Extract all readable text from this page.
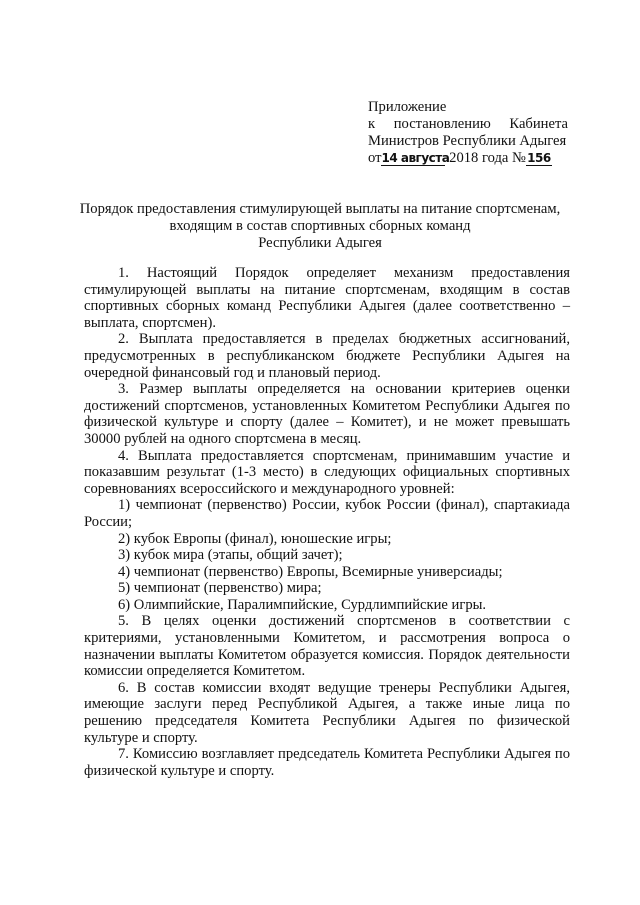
Приложение
к постановлению Кабинета
Министров Республики Адыгея
от14 августа 2018 года №156
Порядок предоставления стимулирующей выплаты на питание спортсменам,
входящим в состав спортивных сборных команд
Республики Адыгея

1. Настоящий Порядок определяет механизм предоставления стимулирующей выплаты на питание спортсменам, входящим в состав спортивных сборных команд Республики Адыгея (далее соответственно – выплата, спортсмен).

2. Выплата предоставляется в пределах бюджетных ассигнований, предусмотренных в республиканском бюджете Республики Адыгея на очередной финансовый год и плановый период.

3. Размер выплаты определяется на основании критериев оценки достижений спортсменов, установленных Комитетом Республики Адыгея по физической культуре и спорту (далее – Комитет), и не может превышать 30000 рублей на одного спортсмена в месяц.

4. Выплата предоставляется спортсменам, принимавшим участие и показавшим результат (1-3 место) в следующих официальных спортивных соревнованиях всероссийского и международного уровней:

1) чемпионат (первенство) России, кубок России (финал), спартакиада России;

2) кубок Европы (финал), юношеские игры;

3) кубок мира (этапы, общий зачет);

4) чемпионат (первенство) Европы, Всемирные универсиады;

5) чемпионат (первенство) мира;

6) Олимпийские, Паралимпийские, Сурдлимпийские игры.

5. В целях оценки достижений спортсменов в соответствии с критериями, установленными Комитетом, и рассмотрения вопроса о назначении выплаты Комитетом образуется комиссия. Порядок деятельности комиссии определяется Комитетом.

6. В состав комиссии входят ведущие тренеры Республики Адыгея, имеющие заслуги перед Республикой Адыгея, а также иные лица по решению председателя Комитета Республики Адыгея по физической культуре и спорту.

7. Комиссию возглавляет председатель Комитета Республики Адыгея по физической культуре и спорту.
